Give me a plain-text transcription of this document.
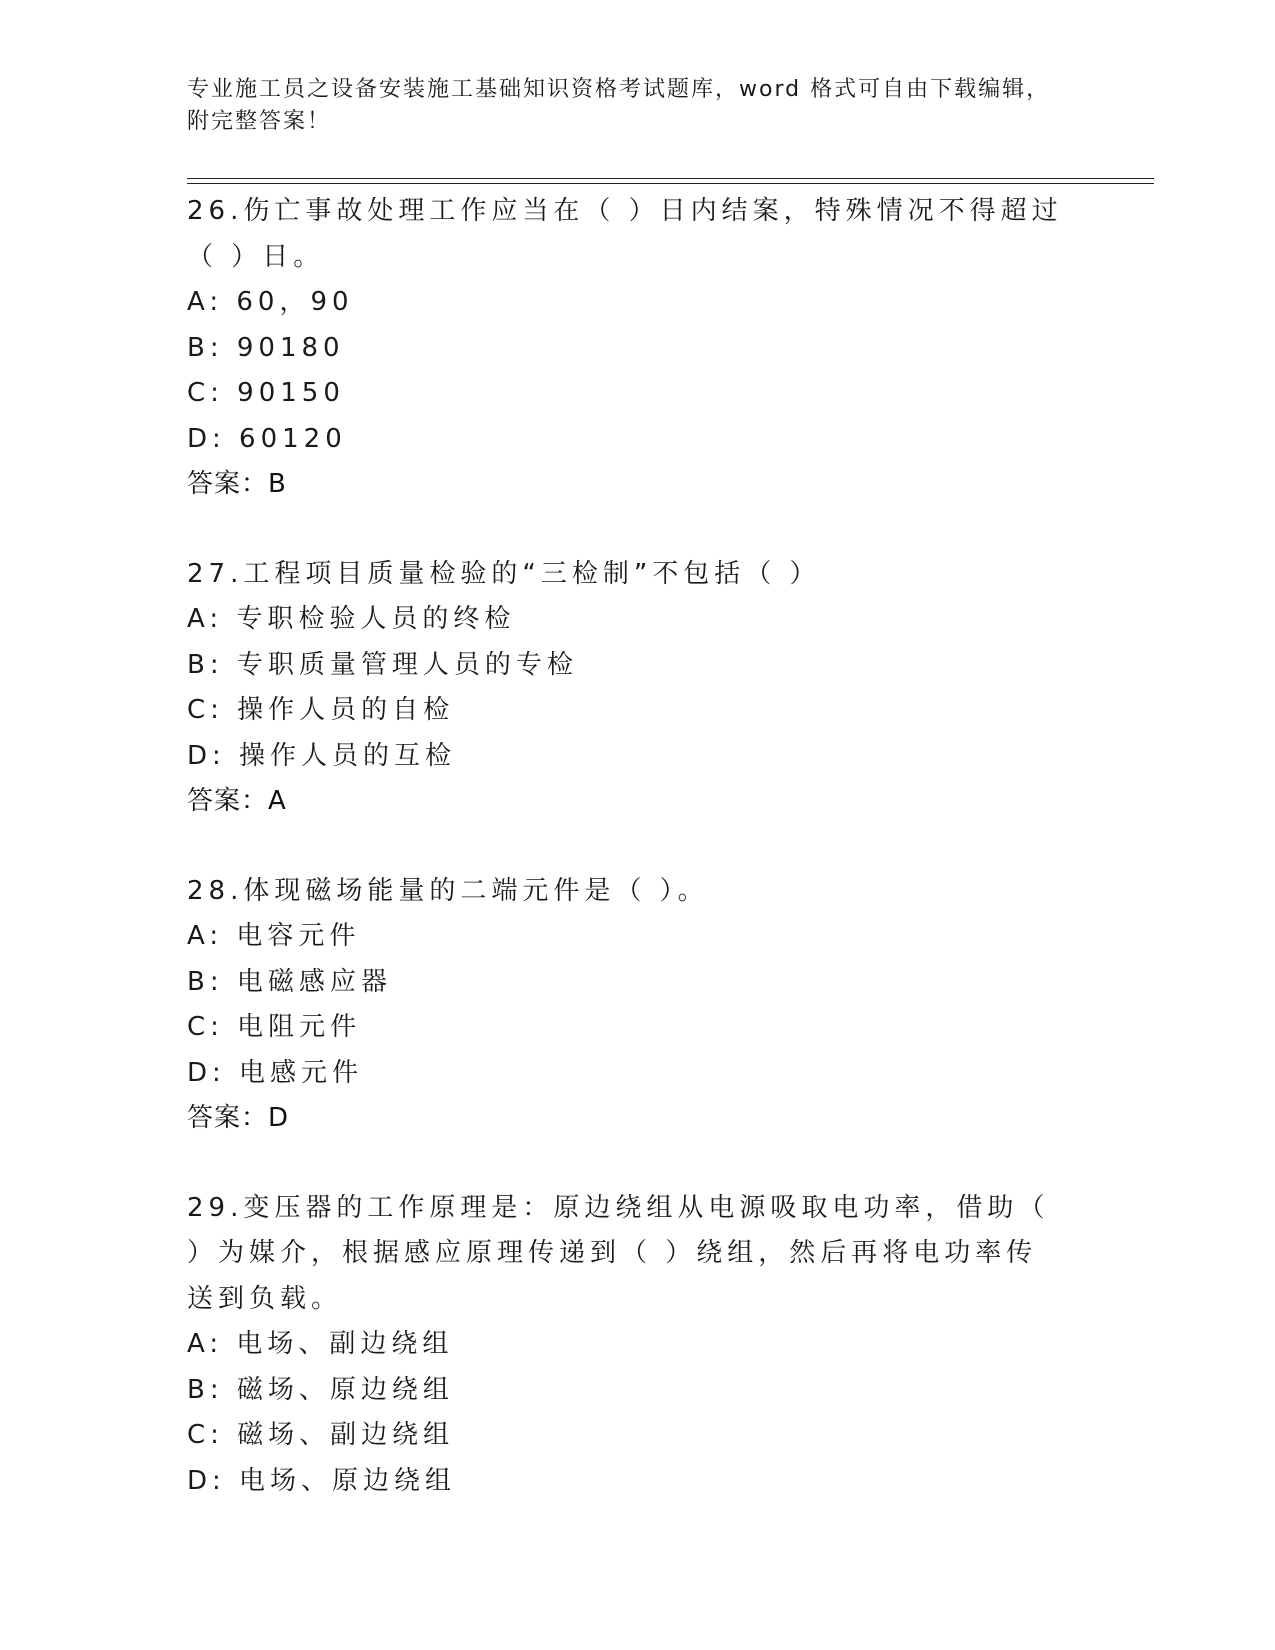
专业施工员之设备安装施工基础知识资格考试题库，word 格式可自由下载编辑，附完整答案！
26.伤亡事故处理工作应当在（ ）日内结案，特殊情况不得超过（ ）日。
A: 60，90
B: 90180
C: 90150
D: 60120
答案：B
27.工程项目质量检验的“三检制”不包括（ ）
A: 专职检验人员的终检
B: 专职质量管理人员的专检
C: 操作人员的自检
D: 操作人员的互检
答案：A
28.体现磁场能量的二端元件是（ ）。
A: 电容元件
B: 电磁感应器
C: 电阻元件
D: 电感元件
答案：D
29.变压器的工作原理是：原边绕组从电源吸取电功率，借助（ ）为媒介，根据感应原理传递到（ ）绕组，然后再将电功率传送到负载。
A: 电场、副边绕组
B: 磁场、原边绕组
C: 磁场、副边绕组
D: 电场、原边绕组
